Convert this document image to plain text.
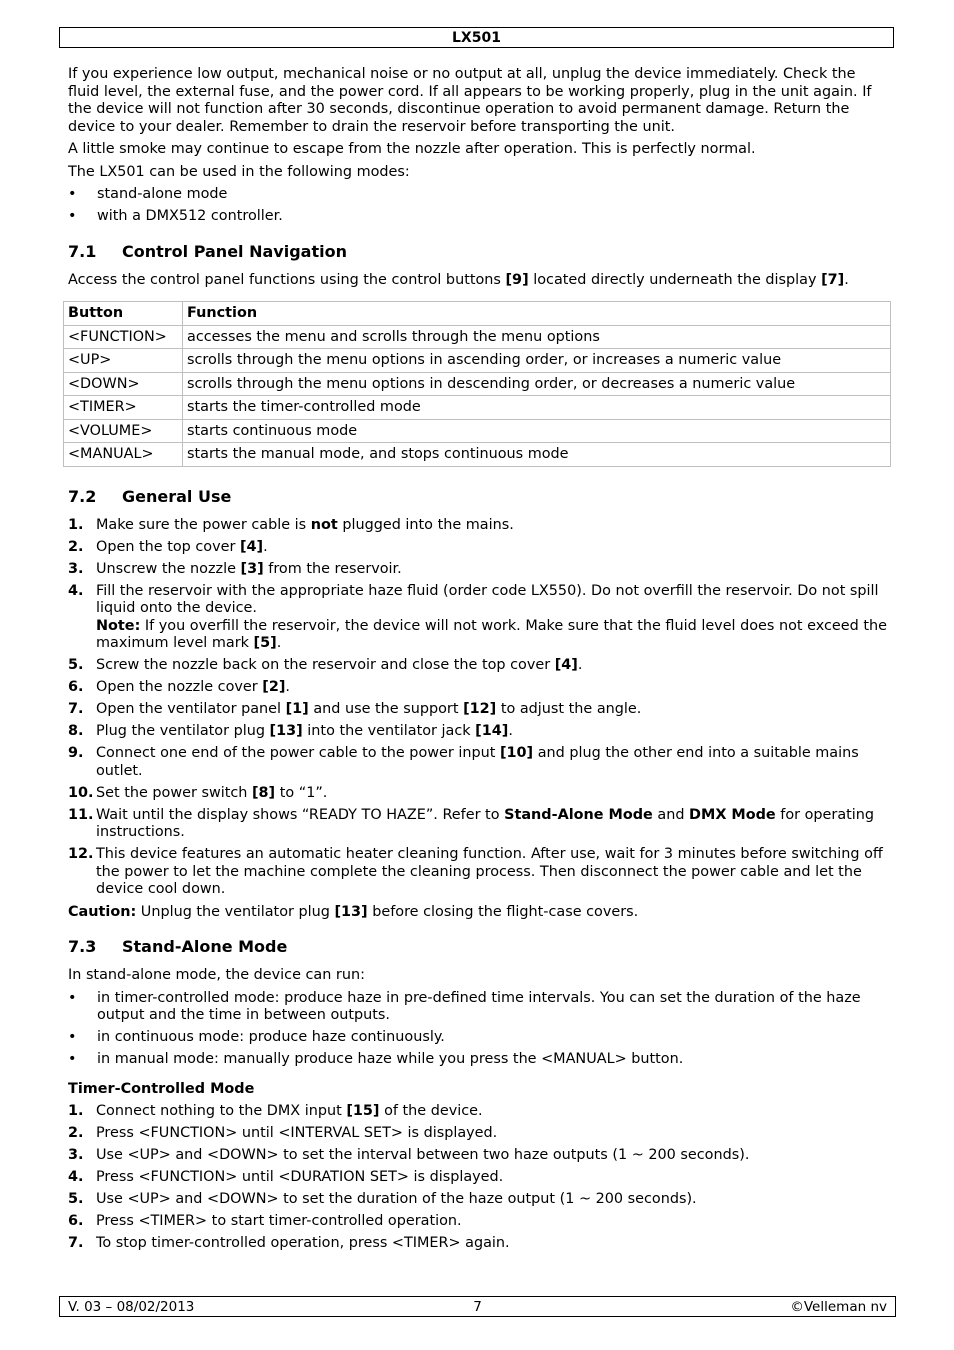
LX501

If you experience low output, mechanical noise or no output at all, unplug the device immediately. Check the fluid level, the external fuse, and the power cord. If all appears to be working properly, plug in the unit again. If the device will not function after 30 seconds, discontinue operation to avoid permanent damage. Return the device to your dealer. Remember to drain the reservoir before transporting the unit.

A little smoke may continue to escape from the nozzle after operation. This is perfectly normal.

The LX501 can be used in the following modes:

• stand-alone mode
• with a DMX512 controller.
7.1 Control Panel Navigation

Access the control panel functions using the control buttons [9] located directly underneath the display [7].

Button	Function
<FUNCTION>	accesses the menu and scrolls through the menu options
<UP>	scrolls through the menu options in ascending order, or increases a numeric value
<DOWN>	scrolls through the menu options in descending order, or decreases a numeric value
<TIMER>	starts the timer-controlled mode
<VOLUME>	starts continuous mode
<MANUAL>	starts the manual mode, and stops continuous mode
7.2 General Use
1. Make sure the power cable is not plugged into the mains.
2. Open the top cover [4].
3. Unscrew the nozzle [3] from the reservoir.
4. Fill the reservoir with the appropriate haze fluid (order code LX550). Do not overfill the reservoir. Do not spill liquid onto the device.
Note: If you overfill the reservoir, the device will not work. Make sure that the fluid level does not exceed the maximum level mark [5].
5. Screw the nozzle back on the reservoir and close the top cover [4].
6. Open the nozzle cover [2].
7. Open the ventilator panel [1] and use the support [12] to adjust the angle.
8. Plug the ventilator plug [13] into the ventilator jack [14].
9. Connect one end of the power cable to the power input [10] and plug the other end into a suitable mains outlet.
10. Set the power switch [8] to “1”.
11. Wait until the display shows “READY TO HAZE”. Refer to Stand-Alone Mode and DMX Mode for operating instructions.
12. This device features an automatic heater cleaning function. After use, wait for 3 minutes before switching off the power to let the machine complete the cleaning process. Then disconnect the power cable and let the device cool down.

Caution: Unplug the ventilator plug [13] before closing the flight-case covers.

7.3 Stand-Alone Mode

In stand-alone mode, the device can run:

• in timer-controlled mode: produce haze in pre-defined time intervals. You can set the duration of the haze output and the time in between outputs.
• in continuous mode: produce haze continuously.
• in manual mode: manually produce haze while you press the <MANUAL> button.
Timer-Controlled Mode
1. Connect nothing to the DMX input [15] of the device.
2. Press <FUNCTION> until <INTERVAL SET> is displayed.
3. Use <UP> and <DOWN> to set the interval between two haze outputs (1 ~ 200 seconds).
4. Press <FUNCTION> until <DURATION SET> is displayed.
5. Use <UP> and <DOWN> to set the duration of the haze output (1 ~ 200 seconds).
6. Press <TIMER> to start timer-controlled operation.
7. To stop timer-controlled operation, press <TIMER> again.
V. 03 – 08/02/2013	7	©Velleman nv
